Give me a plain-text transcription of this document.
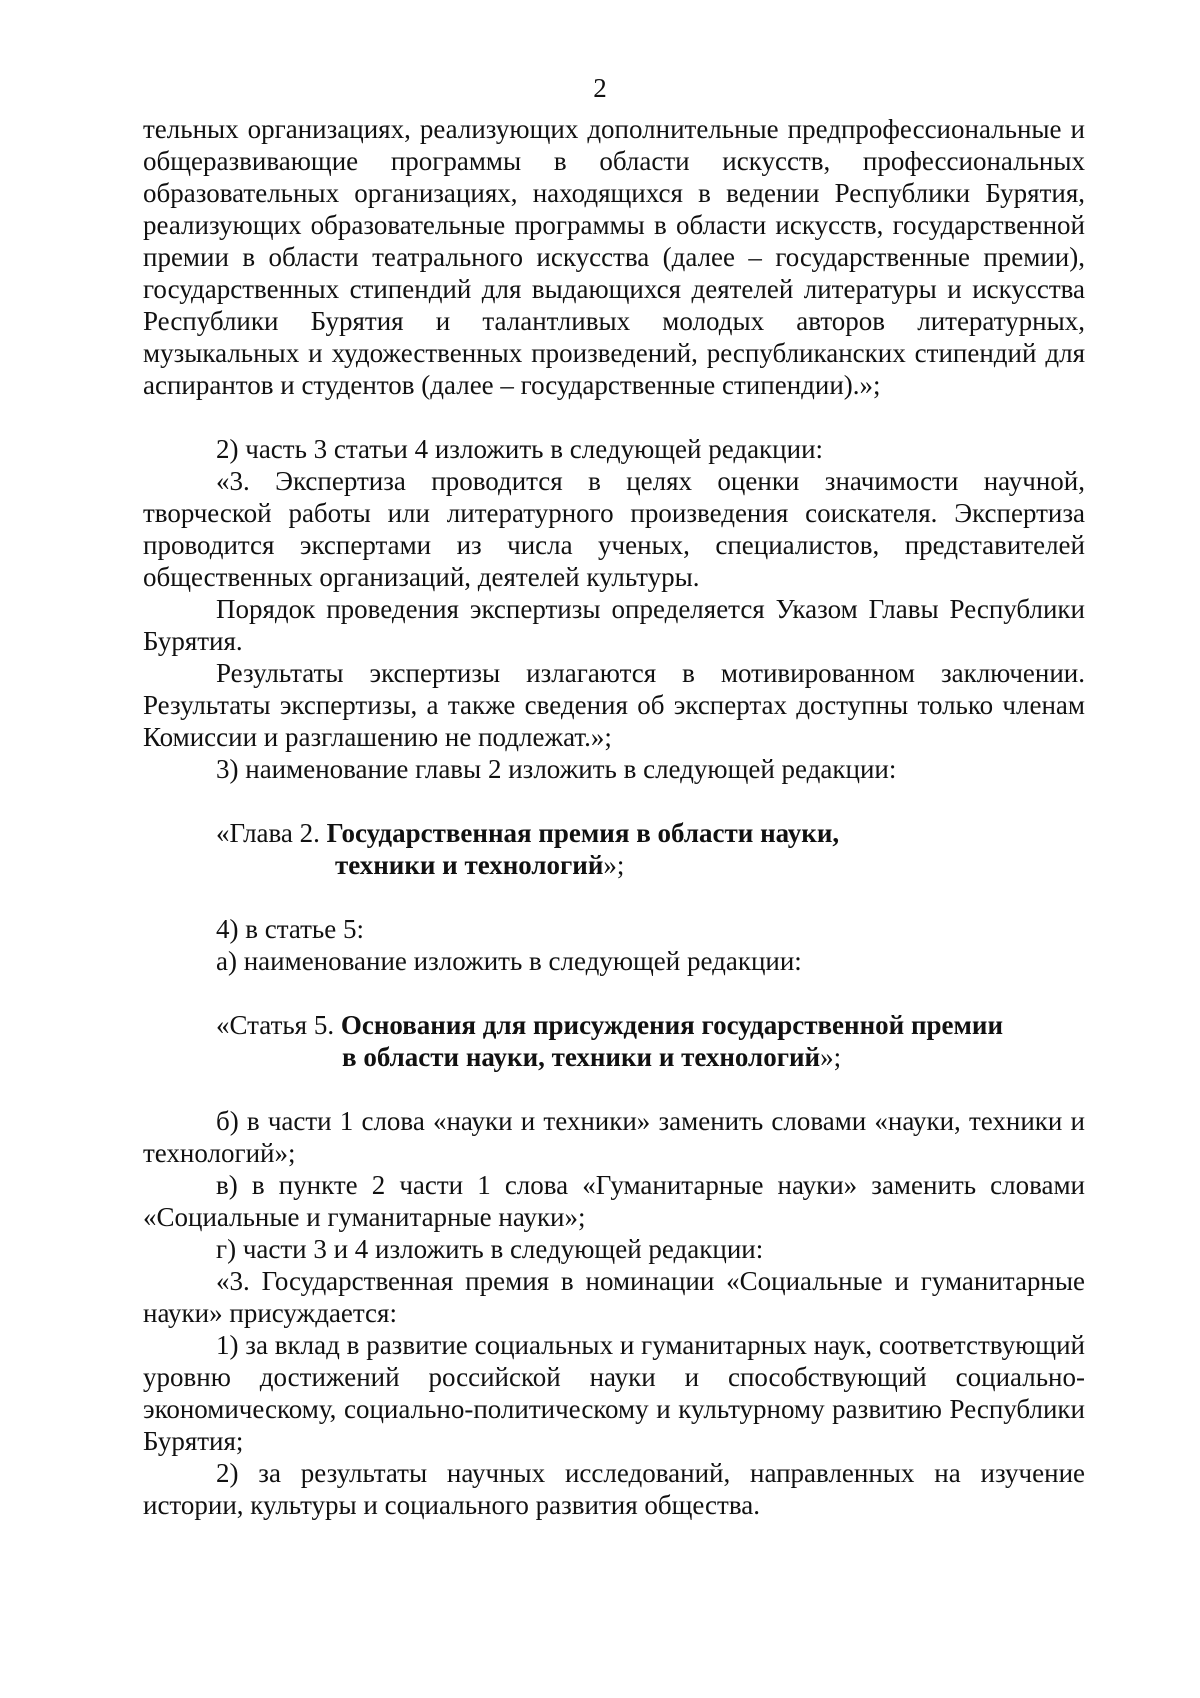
2

тельных организациях, реализующих дополнительные предпрофессиональные и общеразвивающие программы в области искусств, профессиональных образовательных организациях, находящихся в ведении Республики Бурятия, реализующих образовательные программы в области искусств, государственной премии в области театрального искусства (далее – государственные премии), государственных стипендий для выдающихся деятелей литературы и искусства Республики Бурятия и талантливых молодых авторов литературных, музыкальных и художественных произведений, республиканских стипендий для аспирантов и студентов (далее – государственные стипендии).»;

2) часть 3 статьи 4 изложить в следующей редакции:

«3. Экспертиза проводится в целях оценки значимости научной, творческой работы или литературного произведения соискателя. Экспертиза проводится экспертами из числа ученых, специалистов, представителей общественных организаций, деятелей культуры.

Порядок проведения экспертизы определяется Указом Главы Республики Бурятия.

Результаты экспертизы излагаются в мотивированном заключении. Результаты экспертизы, а также сведения об экспертах доступны только членам Комиссии и разглашению не подлежат.»;

3) наименование главы 2 изложить в следующей редакции:

«Глава 2. Государственная премия в области науки,
техники и технологий»;

4) в статье 5:

а) наименование изложить в следующей редакции:

«Статья 5. Основания для присуждения государственной премии
в области науки, техники и технологий»;

б) в части 1 слова «науки и техники» заменить словами «науки, техники и технологий»;

в) в пункте 2 части 1 слова «Гуманитарные науки» заменить словами «Социальные и гуманитарные науки»;

г) части 3 и 4 изложить в следующей редакции:

«3. Государственная премия в номинации «Социальные и гуманитарные науки» присуждается:

1) за вклад в развитие социальных и гуманитарных наук, соответствующий уровню достижений российской науки и способствующий социально-экономическому, социально-политическому и культурному развитию Республики Бурятия;

2) за результаты научных исследований, направленных на изучение истории, культуры и социального развития общества.
